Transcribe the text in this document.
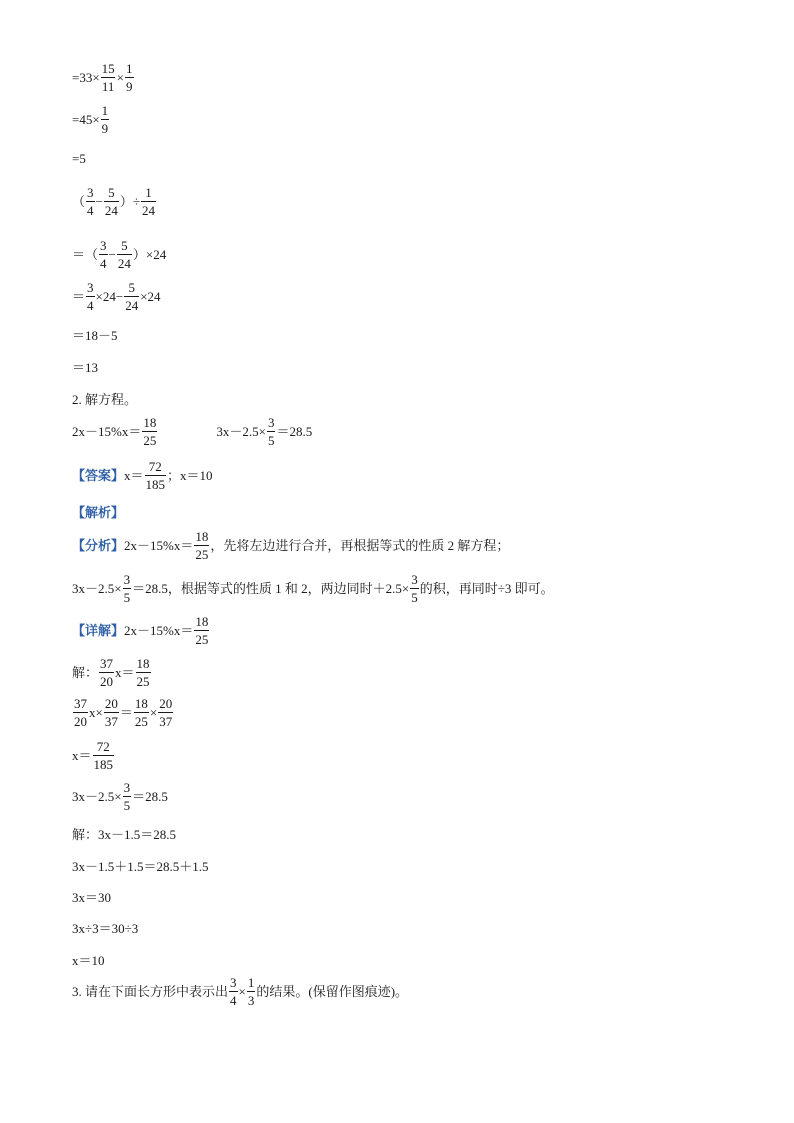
$=33\times \frac{15}{11} \times \frac{1}{9}$
$=45\times \frac{1}{9}$
=5
（ $\frac{3}{4} - \frac{5}{24}$ ）÷ $\frac{1}{24}$
＝（ $\frac{3}{4} - \frac{5}{24} )\times 24$
＝ $\frac{3}{4} \times 24- \frac{5}{24} \times 24$
＝18－5
＝13
2. 解方程。
$2x-15\%x= \frac{18}{25}$	$3x-2.5\times \frac{3}{5} =28.5$
【答案】 $x= \frac{72}{185}$ ；x＝10
【解析】
【分析】 $2x-15\%x= \frac{18}{25}$ ，先将左边进行合并，再根据等式的性质 2 解方程；
$3x-2.5\times \frac{3}{5} =28.5$，根据等式的性质 1 和 2，两边同时$+2.5\times \frac{3}{5}$ 的积，再同时÷3 即可。
【详解】 $2x-15\%x= \frac{18}{25}$
解： $\frac{37}{20} x= \frac{18}{25}$
$\frac{37}{20} x\times \frac{20}{37} = \frac{18}{25} \times \frac{20}{37}$
$x= \frac{72}{185}$
$3x-2.5\times \frac{3}{5} =28.5$
解：3x－1.5＝28.5
3x－1.5＋1.5＝28.5＋1.5
3x＝30
3x÷3＝30÷3
x＝10
3. 请在下面长方形中表示出 $\frac{3}{4} \times \frac{1}{3}$ 的结果。(保留作图痕迹)。
